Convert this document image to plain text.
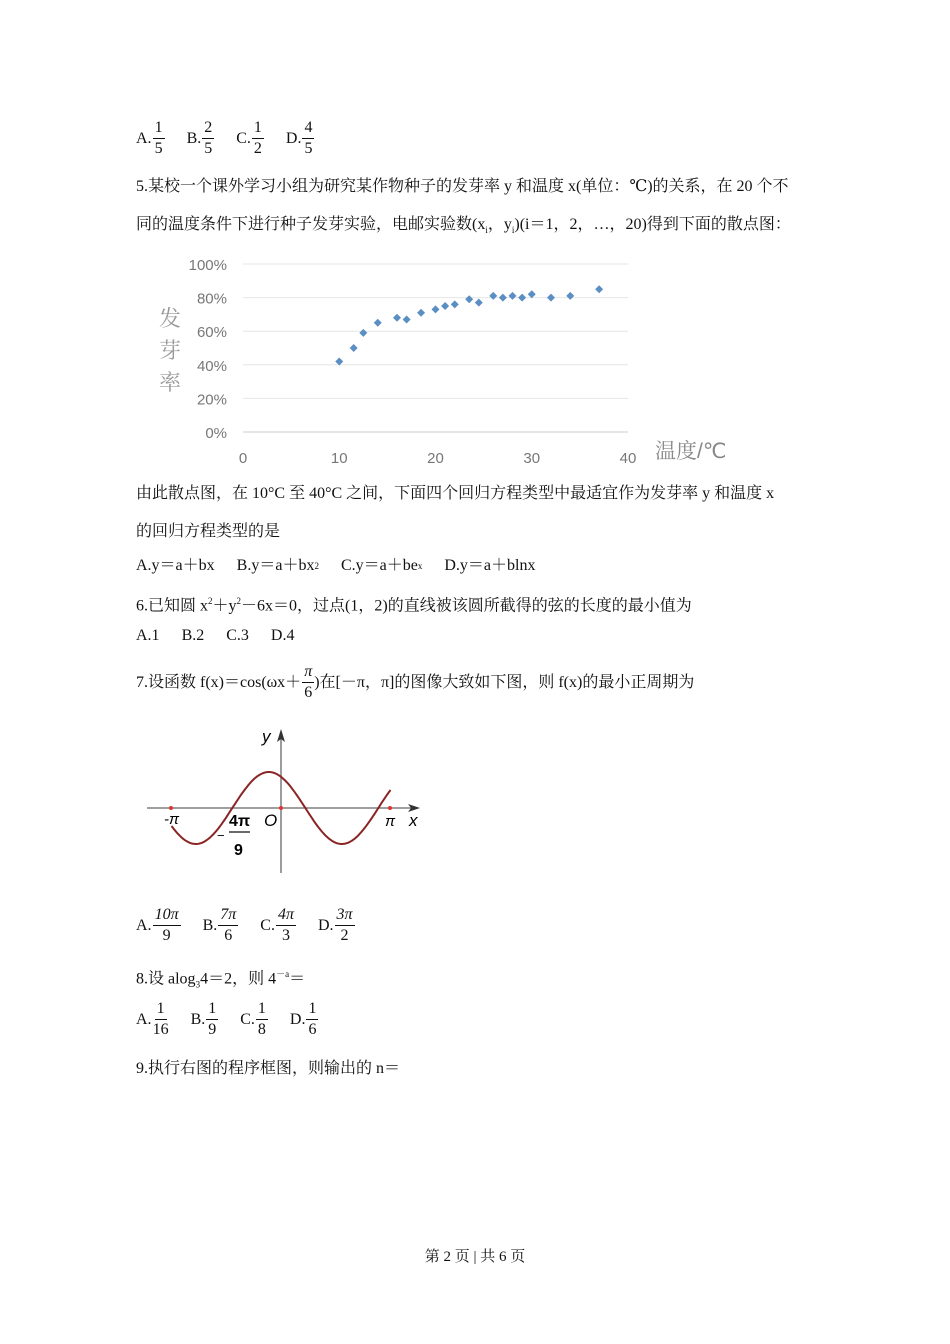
A. $\frac{1}{5}$
B. $\frac{2}{5}$
C. $\frac{1}{2}$
D. $\frac{4}{5}$
5.某校一个课外学习小组为研究某作物种子的发芽率 y 和温度 x(单位：℃)的关系，在 20 个不
同的温度条件下进行种子发芽实验，电邮实验数($x_i$，$y_i)(i=1$，2，…，20)得到下面的散点图：
0%
20%
40%
60%
80%
100%
0	10	20	30	40
发芽率
温度/℃
由此散点图，在 10°C 至 40°C 之间，下面四个回归方程类型中最适宜作为发芽率 y 和温度 x
的回归方程类型的是
A.y＝a＋bx B.y＝a＋bx 2
C.y＝a＋be x D.y＝a＋blnx
6.已知圆 $x^2+y^2-6x=0$，过点(1，2)的直线被该圆所截得的弦的长度的最小值为
A.1 B.2 C.3 D.4
7.设函数 $f(x)=\cos(\omega x+ \frac{\pi}{6}$ )在[－π，π]的图像大致如下图，则 f(x)的最小正周期为
y
x
O
-π	π
−
4π
9
A. $\frac{10\pi}{9}$
B. $\frac{7\pi}{6}$
C. $\frac{4\pi}{3}$
D. $\frac{3\pi}{2}$
8.设 alog$_3$4＝2，则 $4^{-a}=$
A. $\frac{1}{16}$
B. $\frac{1}{9}$
C. $\frac{1}{8}$
D. $\frac{1}{6}$
9.执行右图的程序框图，则输出的 n＝
第 2 页 | 共 6 页
